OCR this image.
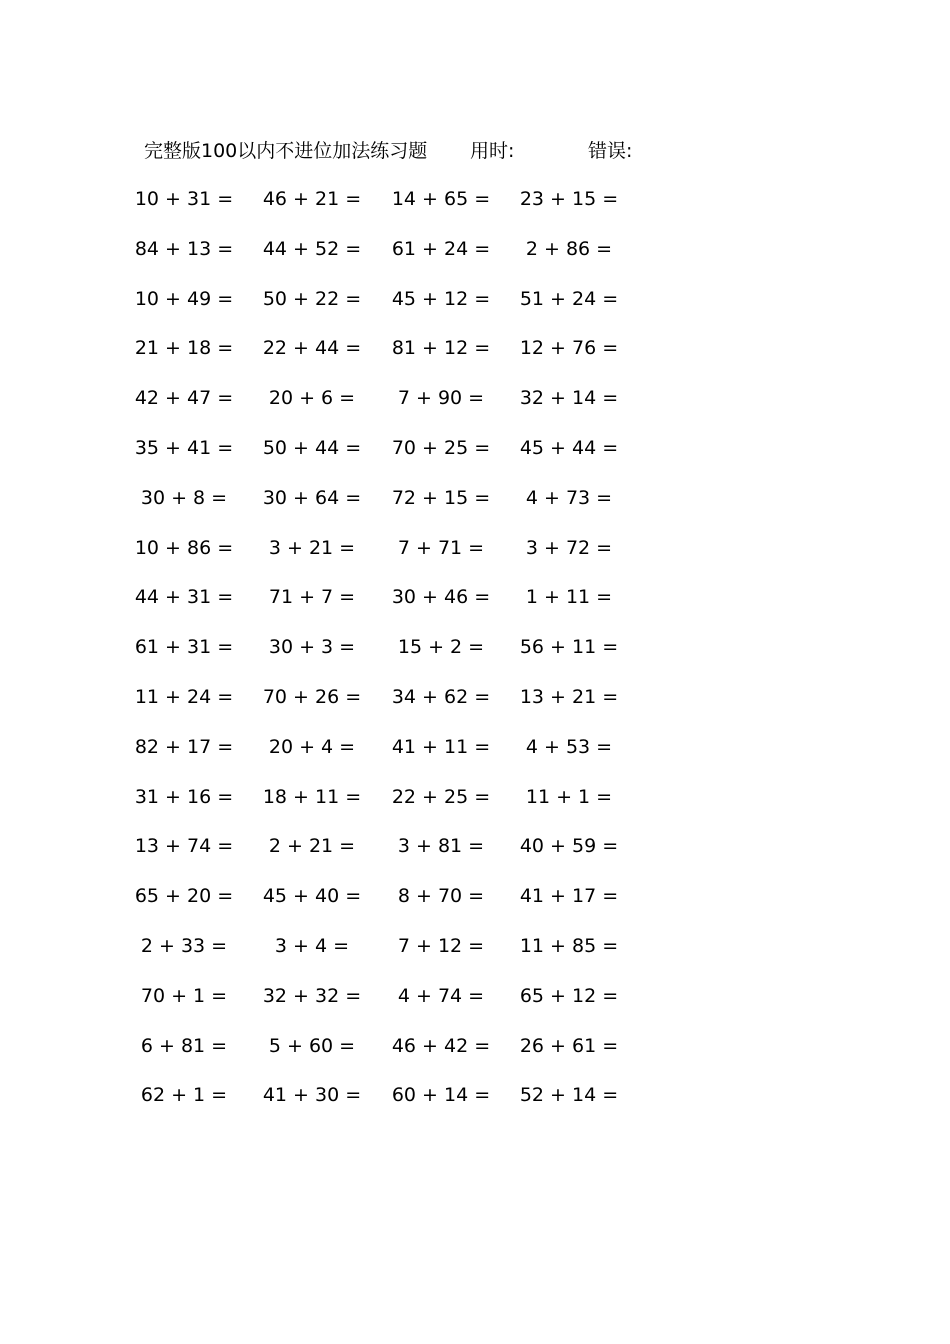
完整版100以内不进位加法练习题 用时:	错误:
10 + 31 = 46 + 21 = 14 + 65 = 23 + 15 =
84 + 13 = 44 + 52 = 61 + 24 =	2 + 86 =
10 + 49 = 50 + 22 = 45 + 12 = 51 + 24 =
21 + 18 = 22 + 44 = 81 + 12 = 12 + 76 =
42 + 47 =	20 + 6 =	7 + 90 =	32 + 14 =
35 + 41 = 50 + 44 = 70 + 25 = 45 + 44 =
30 + 8 =	30 + 64 = 72 + 15 =	4 + 73 =
10 + 86 =	3 + 21 =	7 + 71 =	3 + 72 =
44 + 31 =	71 + 7 =	30 + 46 =	1 + 11 =
61 + 31 =	30 + 3 =	15 + 2 =	56 + 11 =
11 + 24 = 70 + 26 = 34 + 62 = 13 + 21 =
82 + 17 =	20 + 4 =	41 + 11 =	4 + 53 =
31 + 16 = 18 + 11 = 22 + 25 =	11 + 1 =
13 + 74 =	2 + 21 =	3 + 81 =	40 + 59 =
65 + 20 = 45 + 40 =	8 + 70 =	41 + 17 =
2 + 33 =	3 + 4 =	7 + 12 =	11 + 85 =
70 + 1 =	32 + 32 =	4 + 74 =	65 + 12 =
6 + 81 =	5 + 60 =	46 + 42 = 26 + 61 =
62 + 1 =	41 + 30 = 60 + 14 = 52 + 14 =
